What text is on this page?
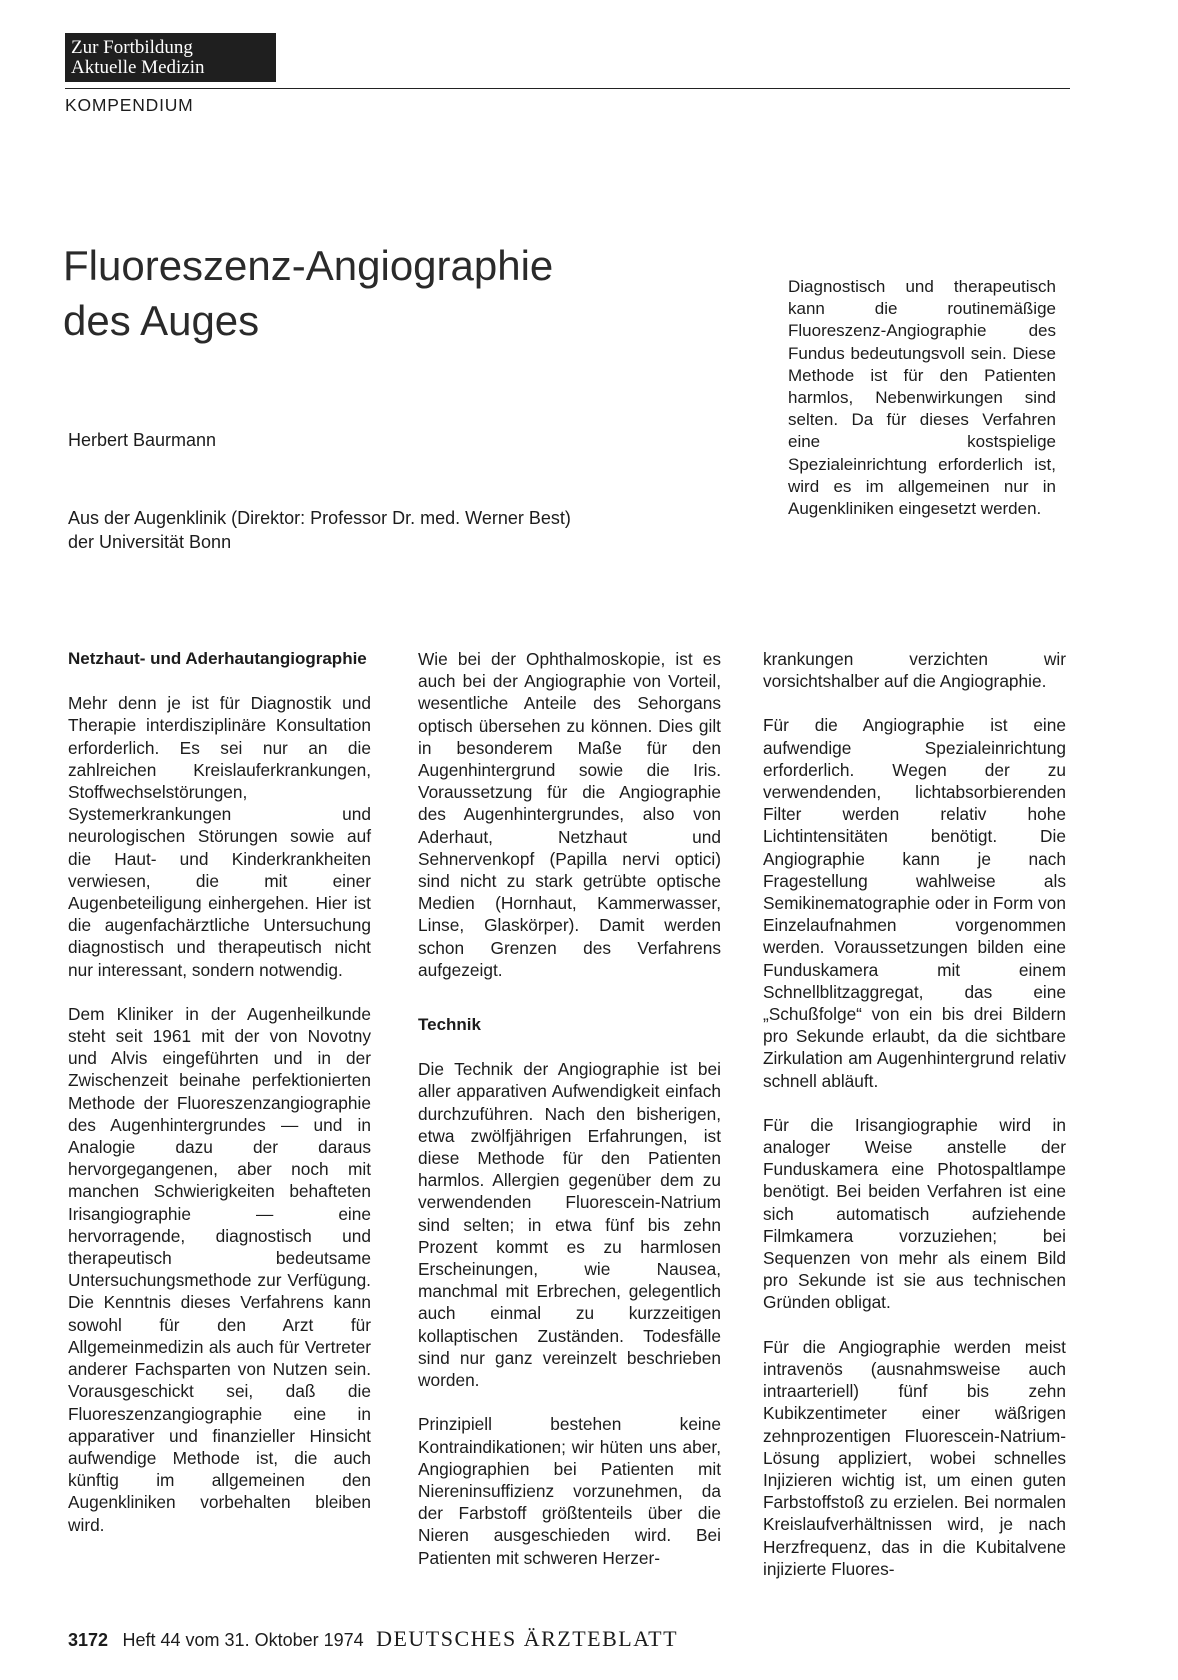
Zur Fortbildung
Aktuelle Medizin
KOMPENDIUM
Fluoreszenz-Angiographie
des Auges
Herbert Baurmann
Aus der Augenklinik (Direktor: Professor Dr. med. Werner Best)
der Universität Bonn
Diagnostisch und therapeutisch kann die routinemäßige Fluoreszenz-Angiographie des Fundus bedeutungsvoll sein. Diese Methode ist für den Patienten harmlos, Nebenwirkungen sind selten. Da für dieses Verfahren eine kostspielige Spezialeinrichtung erforderlich ist, wird es im allgemeinen nur in Augenkliniken eingesetzt werden.
Netzhaut- und Aderhautangiographie

Mehr denn je ist für Diagnostik und Therapie interdisziplinäre Konsultation erforderlich. Es sei nur an die zahlreichen Kreislauferkrankungen, Stoffwechselstörungen, Systemerkrankungen und neurologischen Störungen sowie auf die Haut- und Kinderkrankheiten verwiesen, die mit einer Augenbeteiligung einhergehen. Hier ist die augenfachärztliche Untersuchung diagnostisch und therapeutisch nicht nur interessant, sondern notwendig.

Dem Kliniker in der Augenheilkunde steht seit 1961 mit der von Novotny und Alvis eingeführten und in der Zwischenzeit beinahe perfektionierten Methode der Fluoreszenzangiographie des Augenhintergrundes — und in Analogie dazu der daraus hervorgegangenen, aber noch mit manchen Schwierigkeiten behafteten Irisangiographie — eine hervorragende, diagnostisch und therapeutisch bedeutsame Untersuchungsmethode zur Verfügung. Die Kenntnis dieses Verfahrens kann sowohl für den Arzt für Allgemeinmedizin als auch für Vertreter anderer Fachsparten von Nutzen sein. Vorausgeschickt sei, daß die Fluoreszenzangiographie eine in apparativer und finanzieller Hinsicht aufwendige Methode ist, die auch künftig im allgemeinen den Augenkliniken vorbehalten bleiben wird.

Wie bei der Ophthalmoskopie, ist es auch bei der Angiographie von Vorteil, wesentliche Anteile des Sehorgans optisch übersehen zu können. Dies gilt in besonderem Maße für den Augenhintergrund sowie die Iris. Voraussetzung für die Angiographie des Augenhintergrundes, also von Aderhaut, Netzhaut und Sehnervenkopf (Papilla nervi optici) sind nicht zu stark getrübte optische Medien (Hornhaut, Kammerwasser, Linse, Glaskörper). Damit werden schon Grenzen des Verfahrens aufgezeigt.

Technik

Die Technik der Angiographie ist bei aller apparativen Aufwendigkeit einfach durchzuführen. Nach den bisherigen, etwa zwölfjährigen Erfahrungen, ist diese Methode für den Patienten harmlos. Allergien gegenüber dem zu verwendenden Fluorescein-Natrium sind selten; in etwa fünf bis zehn Prozent kommt es zu harmlosen Erscheinungen, wie Nausea, manchmal mit Erbrechen, gelegentlich auch einmal zu kurzzeitigen kollaptischen Zuständen. Todesfälle sind nur ganz vereinzelt beschrieben worden.

Prinzipiell bestehen keine Kontraindikationen; wir hüten uns aber, Angiographien bei Patienten mit Niereninsuffizienz vorzunehmen, da der Farbstoff größtenteils über die Nieren ausgeschieden wird. Bei Patienten mit schweren Herzer-

krankungen verzichten wir vorsichtshalber auf die Angiographie.

Für die Angiographie ist eine aufwendige Spezialeinrichtung erforderlich. Wegen der zu verwendenden, lichtabsorbierenden Filter werden relativ hohe Lichtintensitäten benötigt. Die Angiographie kann je nach Fragestellung wahlweise als Semikinematographie oder in Form von Einzelaufnahmen vorgenommen werden. Voraussetzungen bilden eine Funduskamera mit einem Schnellblitzaggregat, das eine „Schußfolge“ von ein bis drei Bildern pro Sekunde erlaubt, da die sichtbare Zirkulation am Augenhintergrund relativ schnell abläuft.

Für die Irisangiographie wird in analoger Weise anstelle der Funduskamera eine Photospaltlampe benötigt. Bei beiden Verfahren ist eine sich automatisch aufziehende Filmkamera vorzuziehen; bei Sequenzen von mehr als einem Bild pro Sekunde ist sie aus technischen Gründen obligat.

Für die Angiographie werden meist intravenös (ausnahmsweise auch intraarteriell) fünf bis zehn Kubikzentimeter einer wäßrigen zehnprozentigen Fluorescein-Natrium-Lösung appliziert, wobei schnelles Injizieren wichtig ist, um einen guten Farbstoffstoß zu erzielen. Bei normalen Kreislaufverhältnissen wird, je nach Herzfrequenz, das in die Kubitalvene injizierte Fluores-

3172 Heft 44 vom 31. Oktober 1974 DEUTSCHES ÄRZTEBLATT
